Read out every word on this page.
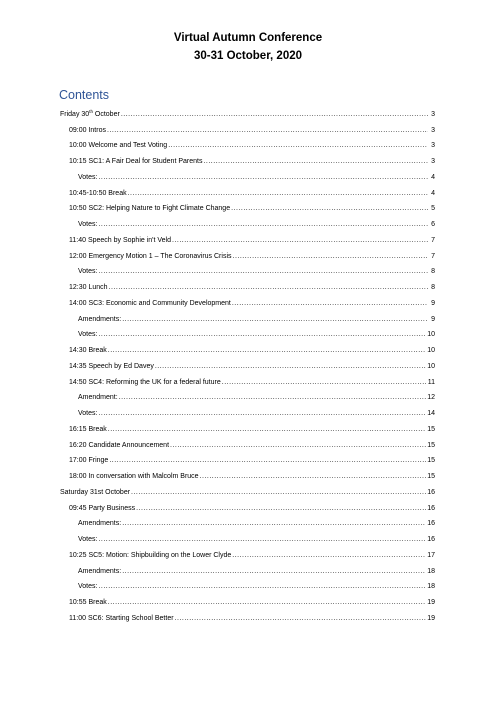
Virtual Autumn Conference
30-31 October, 2020
Contents
Friday 30th October .....	3
09:00 Intros .....	3
10:00 Welcome and Test Voting .....	3
10:15 SC1: A Fair Deal for Student Parents .....	3
Votes: .....	4
10:45-10:50 Break .....	4
10:50 SC2: Helping Nature to Fight Climate Change .....	5
Votes: .....	6
11:40 Speech by Sophie in't Veld .....	7
12:00 Emergency Motion 1 – The Coronavirus Crisis .....	7
Votes: .....	8
12:30 Lunch .....	8
14:00 SC3: Economic and Community Development .....	9
Amendments: .....	9
Votes: .....	10
14:30 Break .....	10
14:35 Speech by Ed Davey .....	10
14:50 SC4: Reforming the UK for a federal future .....	11
Amendment: .....	12
Votes: .....	14
16:15 Break .....	15
16:20 Candidate Announcement .....	15
17:00 Fringe .....	15
18:00 In conversation with Malcolm Bruce .....	15
Saturday 31st October .....	16
09:45 Party Business .....	16
Amendments: .....	16
Votes: .....	16
10:25 SC5: Motion: Shipbuilding on the Lower Clyde .....	17
Amendments: .....	18
Votes: .....	18
10:55 Break .....	19
11:00 SC6: Starting School Better .....	19
